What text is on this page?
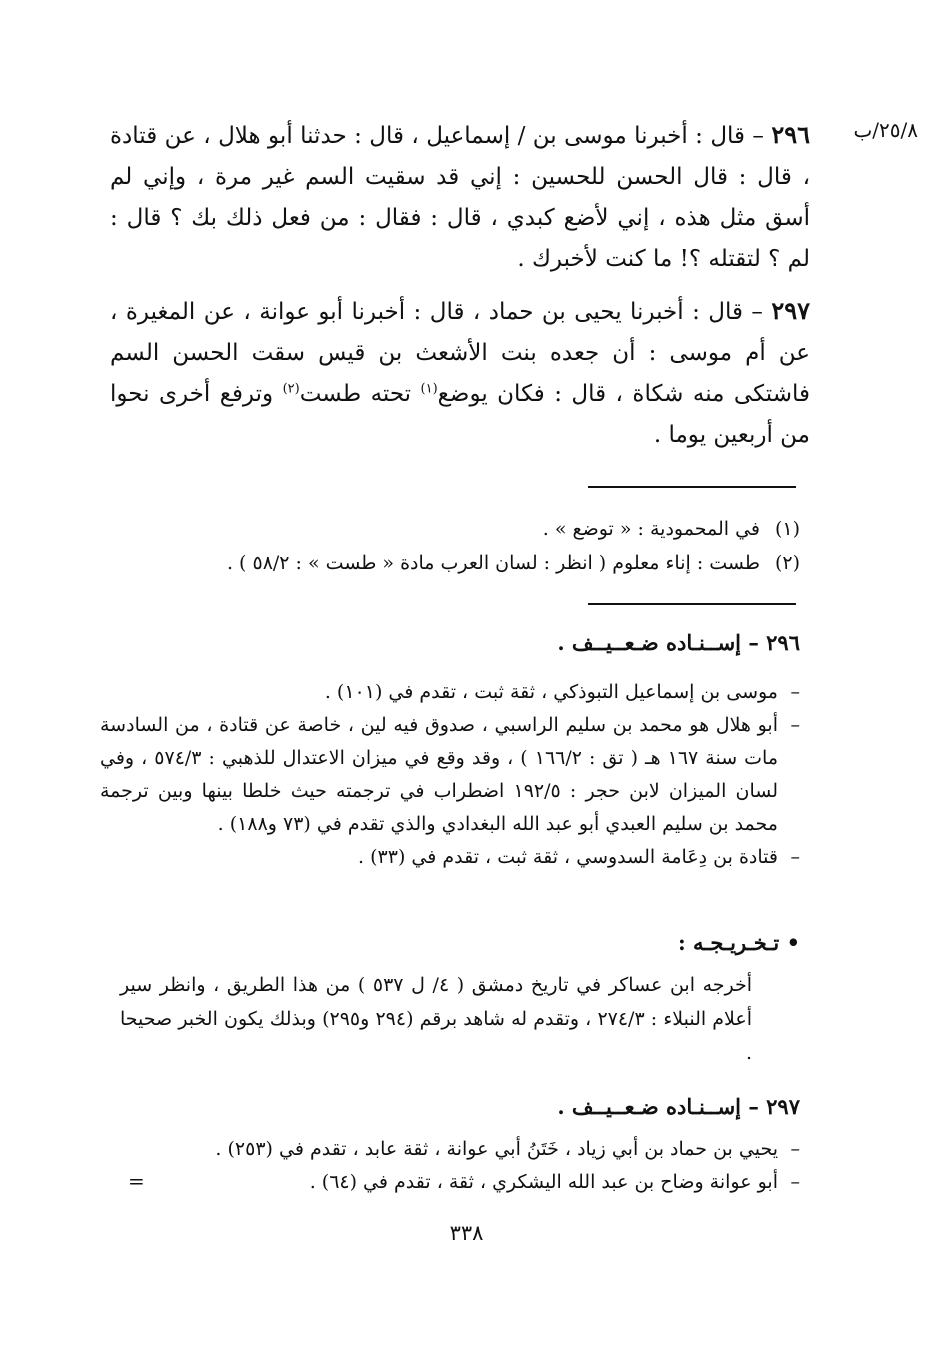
٢٥/٨/ب

٢٩٦ – قال : أخبرنا موسى بن / إسماعيل ، قال : حدثنا أبو هلال ، عن قتادة ، قال : قال الحسن للحسين : إني قد سقيت السم غير مرة ، وإني لم أسق مثل هذه ، إني لأضع كبدي ، قال : فقال : من فعل ذلك بك ؟ قال : لم ؟ لتقتله ؟! ما كنت لأخبرك .

٢٩٧ – قال : أخبرنا يحيى بن حماد ، قال : أخبرنا أبو عوانة ، عن المغيرة ، عن أم موسى : أن جعده بنت الأشعث بن قيس سقت الحسن السم فاشتكى منه شكاة ، قال : فكان يوضع$^{(١)}$ تحته طست$^{(٢)}$ وترفع أخرى نحوا من أربعين يوما .

(١)في المحمودية : « توضع » .
(٢)طست : إناء معلوم ( انظر : لسان العرب مادة « طست » : ٥٨/٢ ) .
٢٩٦ – إســنـاده ضـعــيــف .
–
موسى بن إسماعيل التبوذكي ، ثقة ثبت ، تقدم في (١٠١) .
–
أبو هلال هو محمد بن سليم الراسبي ، صدوق فيه لين ، خاصة عن قتادة ، من السادسة مات سنة ١٦٧ هـ ( تق : ١٦٦/٢ ) ، وقد وقع في ميزان الاعتدال للذهبي : ٥٧٤/٣ ، وفي لسان الميزان لابن حجر : ١٩٢/٥ اضطراب في ترجمته حيث خلطا بينها وبين ترجمة محمد بن سليم العبدي أبو عبد الله البغدادي والذي تقدم في (٧٣ و١٨٨) .
–
قتادة بن دِعَامة السدوسي ، ثقة ثبت ، تقدم في (٣٣) .
• تـخـريـجـه :
أخرجه ابن عساكر في تاريخ دمشق ( ٤/ ل ٥٣٧ ) من هذا الطريق ، وانظر سير أعلام النبلاء : ٢٧٤/٣ ، وتقدم له شاهد برقم (٢٩٤ و٢٩٥) وبذلك يكون الخبر صحيحا .
٢٩٧ – إســنـاده ضـعــيــف .
–
يحيي بن حماد بن أبي زياد ، خَتَنُ أبي عوانة ، ثقة عابد ، تقدم في (٢٥٣) .
–
أبو عوانة وضاح بن عبد الله اليشكري ، ثقة ، تقدم في (٦٤) .
=
٣٣٨
